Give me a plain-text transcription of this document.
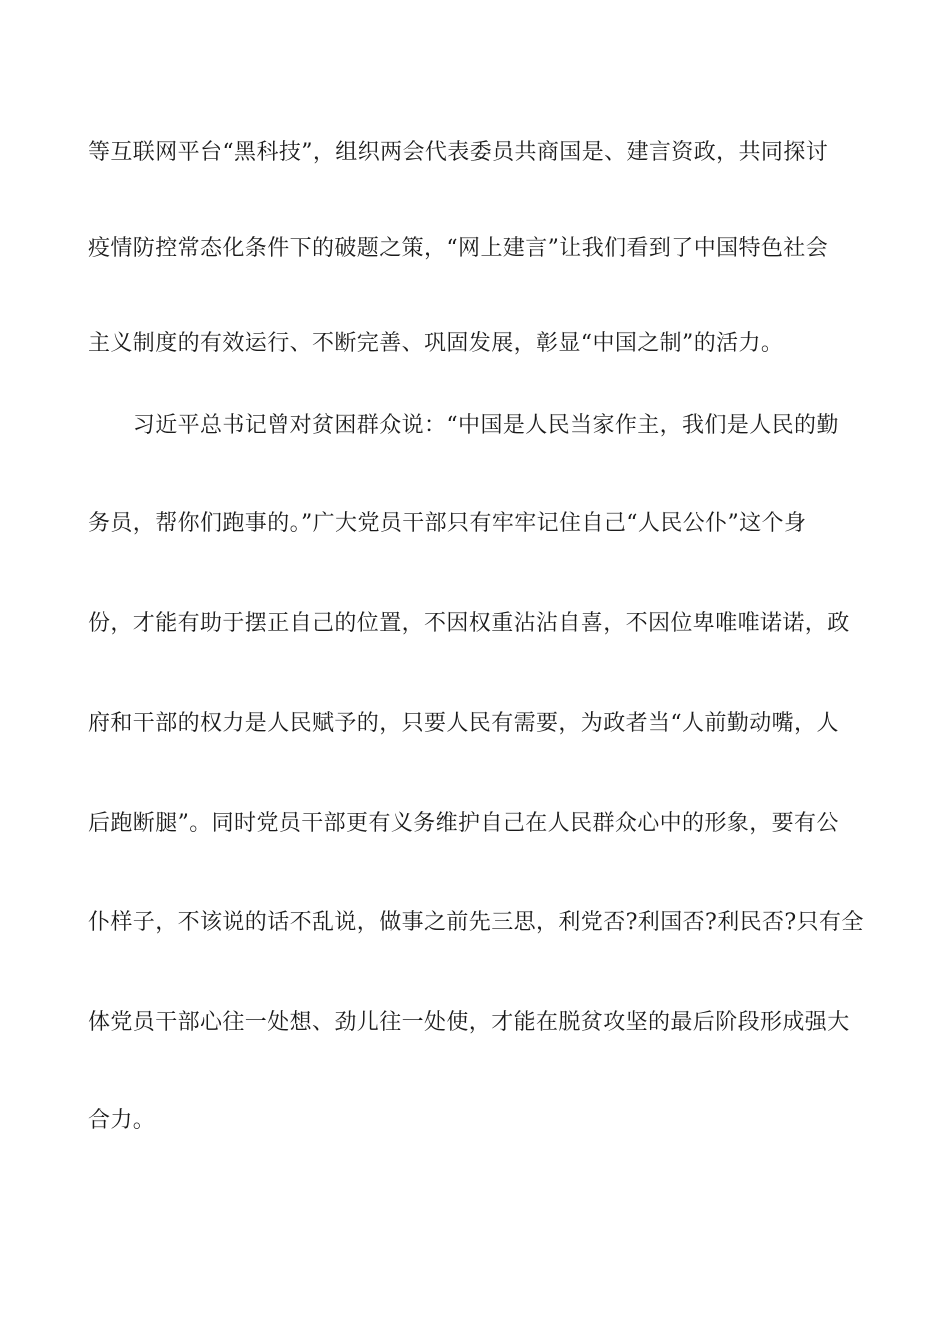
等互联网平台“黑科技”，组织两会代表委员共商国是、建言资政，共同探讨
疫情防控常态化条件下的破题之策，“网上建言”让我们看到了中国特色社会
主义制度的有效运行、不断完善、巩固发展，彰显“中国之制”的活力。
　　习近平总书记曾对贫困群众说：“中国是人民当家作主，我们是人民的勤
务员，帮你们跑事的。”广大党员干部只有牢牢记住自己“人民公仆”这个身
份，才能有助于摆正自己的位置，不因权重沾沾自喜，不因位卑唯唯诺诺，政
府和干部的权力是人民赋予的，只要人民有需要，为政者当“人前勤动嘴，人
后跑断腿”。同时党员干部更有义务维护自己在人民群众心中的形象，要有公
仆样子，不该说的话不乱说，做事之前先三思，利党否?利国否?利民否?只有全
体党员干部心往一处想、劲儿往一处使，才能在脱贫攻坚的最后阶段形成强大
合力。
